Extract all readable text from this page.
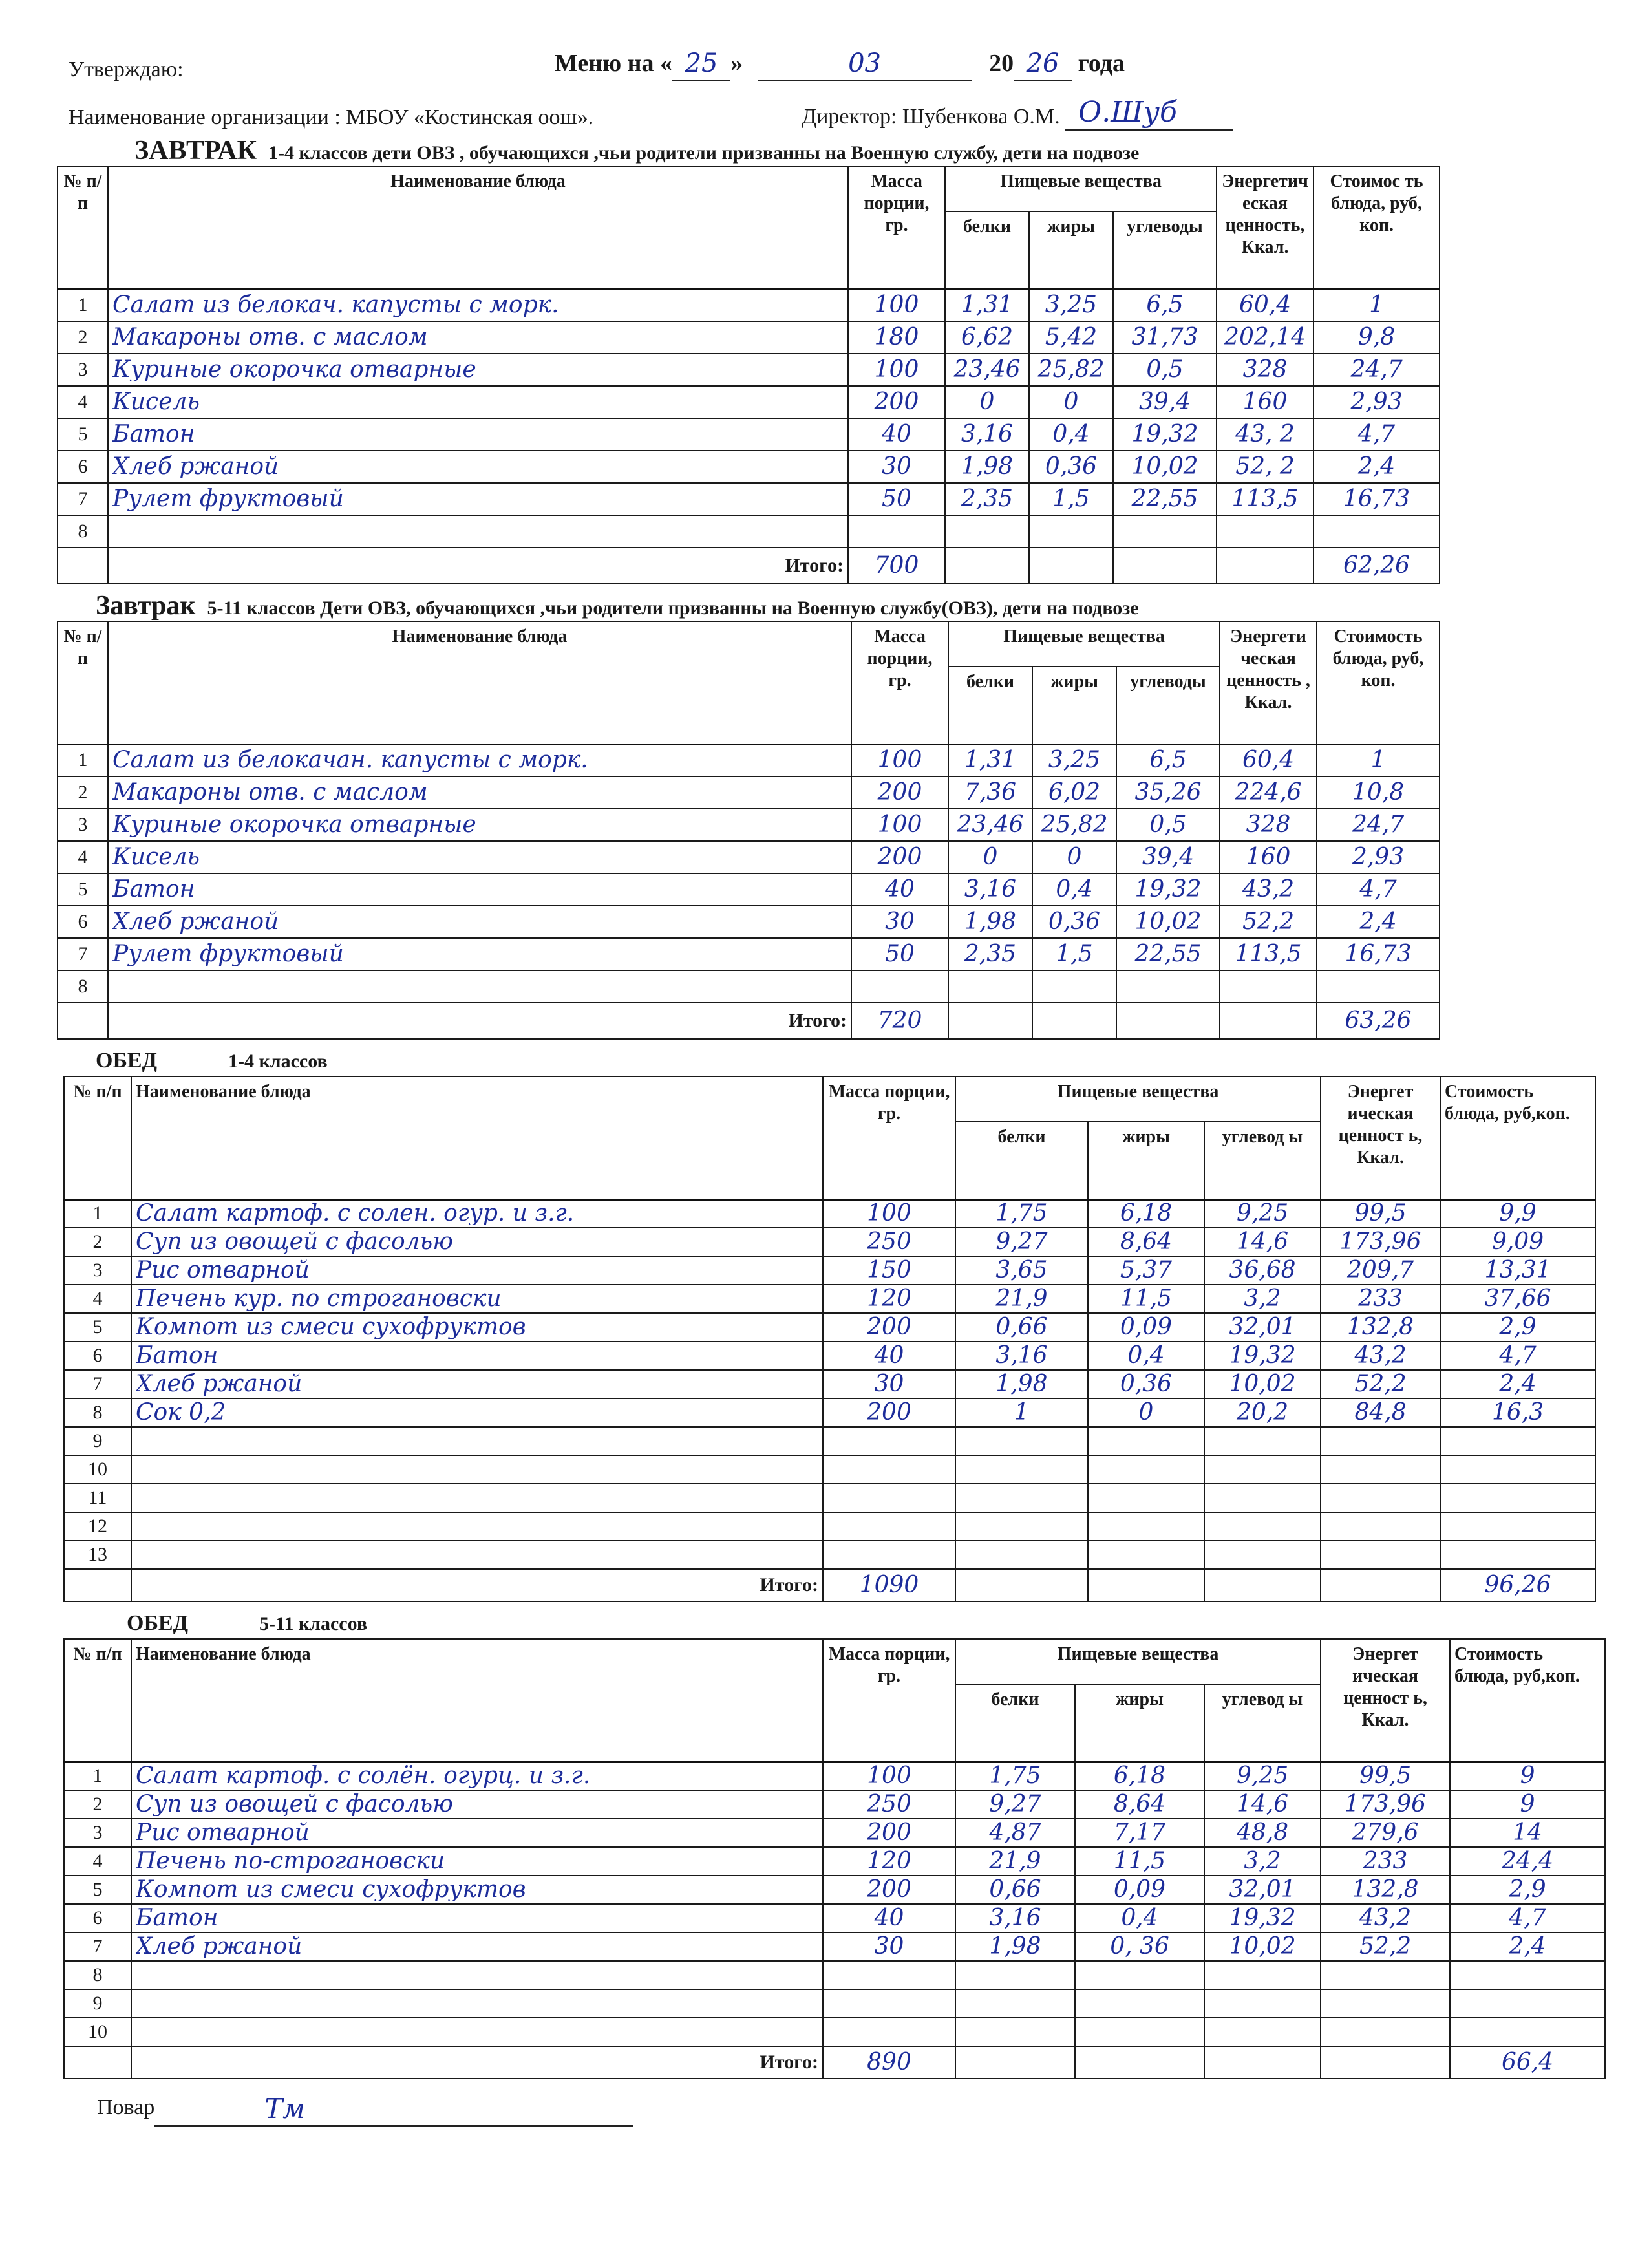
Утверждаю:	Меню на « 25 »	03	20 26 года
Наименование организации : МБОУ «Костинская оош».	Директор: Шубенкова О.М. О.Шуб
ЗАВТРАК 1-4 классов дети ОВЗ , обучающихся ,чьи родители призванны на Военную службу, дети на подвозе
№ п/ п	Наименование блюда	Масса порции, гр.	Пищевые вещества			Энергетич еская ценность, Ккал.	Стоимос ть блюда, руб, коп.
			белки	жиры	углеводы		

1	Салат из белокач. капусты с морк.	100	1,31	3,25	6,5	60,4	1

2	Макароны отв. с маслом	180	6,62	5,42	31,73	202,14	9,8

3	Куриные окорочка отварные	100	23,46	25,82	0,5	328	24,7

4	Кисель	200	0	0	39,4	160	2,93

5	Батон	40	3,16	0,4	19,32	43, 2	4,7

6	Хлеб ржаной	30	1,98	0,36	10,02	52, 2	2,4

7	Рулет фруктовый	50	2,35	1,5	22,55	113,5	16,73

8							

	Итого:	700					62,26
Завтрак 5-11 классов Дети ОВЗ, обучающихся ,чьи родители призванны на Военную службу(ОВЗ), дети на подвозе
№ п/ п	Наименование блюда	Масса порции, гр.	Пищевые вещества			Энергети ческая ценность , Ккал.	Стоимость блюда, руб, коп.
			белки	жиры	углеводы		

1	Салат из белокачан. капусты с морк.	100	1,31	3,25	6,5	60,4	1

2	Макароны отв. с маслом	200	7,36	6,02	35,26	224,6	10,8

3	Куриные окорочка отварные	100	23,46	25,82	0,5	328	24,7

4	Кисель	200	0	0	39,4	160	2,93

5	Батон	40	3,16	0,4	19,32	43,2	4,7

6	Хлеб ржаной	30	1,98	0,36	10,02	52,2	2,4

7	Рулет фруктовый	50	2,35	1,5	22,55	113,5	16,73

8							

	Итого:	720					63,26
ОБЕД	1-4 классов
№ п/п	Наименование блюда	Масса порции, гр.	Пищевые вещества			Энергет ическая ценност ь, Ккал.	Стоимость блюда, руб,коп.
			белки	жиры	углевод ы		

1	Салат картоф. с солен. огур. и з.г.	100	1,75	6,18	9,25	99,5	9,9

2	Суп из овощей с фасолью	250	9,27	8,64	14,6	173,96	9,09

3	Рис отварной	150	3,65	5,37	36,68	209,7	13,31

4	Печень кур. по строгановски	120	21,9	11,5	3,2	233	37,66

5	Компот из смеси сухофруктов	200	0,66	0,09	32,01	132,8	2,9

6	Батон	40	3,16	0,4	19,32	43,2	4,7

7	Хлеб ржаной	30	1,98	0,36	10,02	52,2	2,4

8	Сок 0,2	200	1	0	20,2	84,8	16,3

9							

10							

11							

12							

13							

	Итого:	1090					96,26
ОБЕД	5-11 классов
№ п/п	Наименование блюда	Масса порции, гр.	Пищевые вещества			Энергет ическая ценност ь, Ккал.	Стоимость блюда, руб,коп.
			белки	жиры	углевод ы		

1	Салат картоф. с солён. огурц. и з.г.	100	1,75	6,18	9,25	99,5	9

2	Суп из овощей с фасолью	250	9,27	8,64	14,6	173,96	9

3	Рис отварной	200	4,87	7,17	48,8	279,6	14

4	Печень по-строгановски	120	21,9	11,5	3,2	233	24,4

5	Компот из смеси сухофруктов	200	0,66	0,09	32,01	132,8	2,9

6	Батон	40	3,16	0,4	19,32	43,2	4,7

7	Хлеб ржаной	30	1,98	0, 36	10,02	52,2	2,4

8							

9							

10							

	Итого:	890					66,4
Повар	Тм
